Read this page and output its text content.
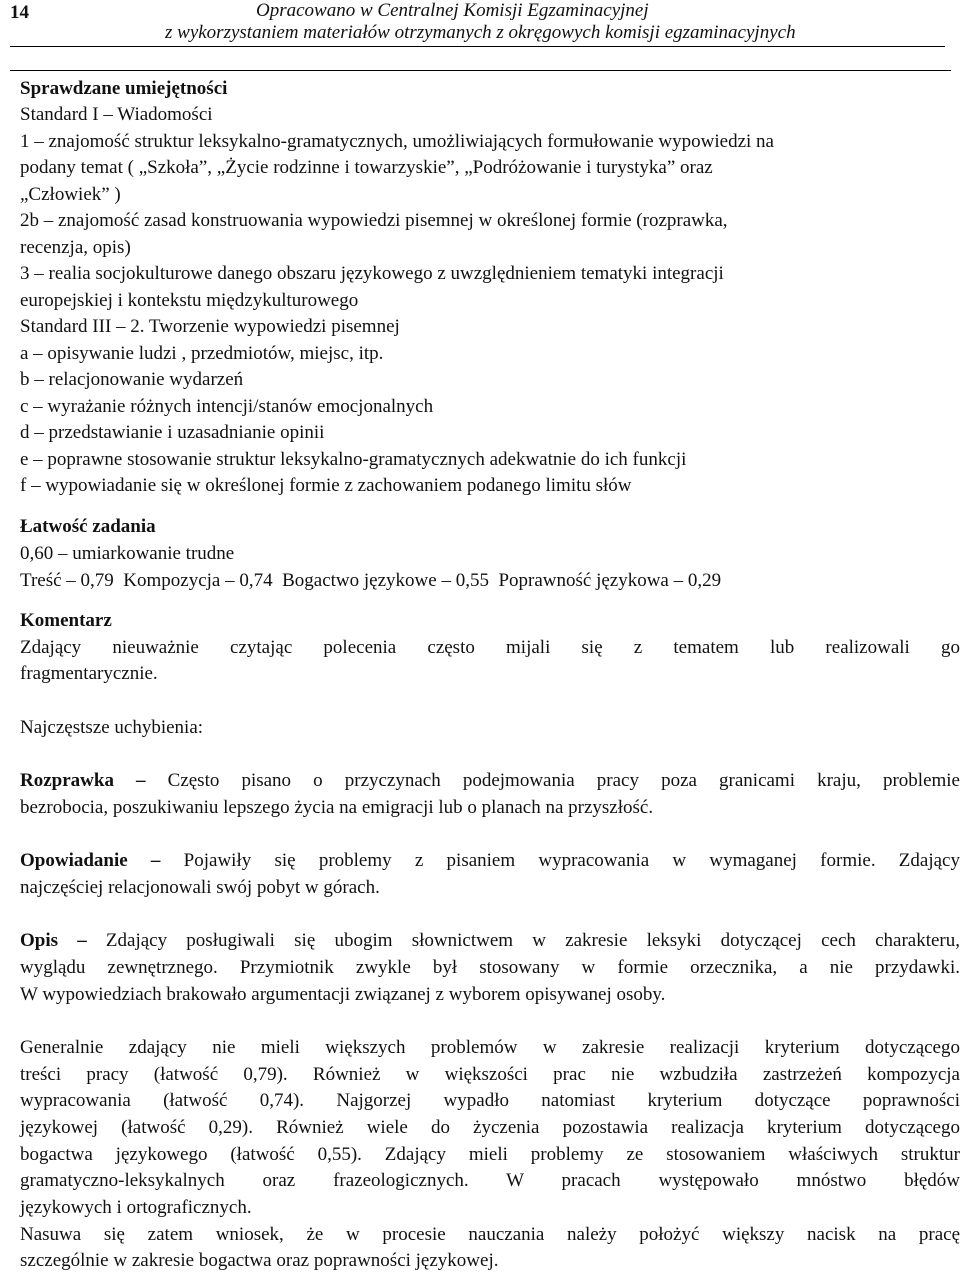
14	Opracowano w Centralnej Komisji Egzaminacyjnej
z wykorzystaniem materiałów otrzymanych z okręgowych komisji egzaminacyjnych
Sprawdzane umiejętności
Standard I – Wiadomości
1 – znajomość struktur leksykalno-gramatycznych, umożliwiających formułowanie wypowiedzi na
podany temat ( „Szkoła”, „Życie rodzinne i towarzyskie”, „Podróżowanie i turystyka” oraz
„Człowiek” )
2b – znajomość zasad konstruowania wypowiedzi pisemnej w określonej formie (rozprawka,
recenzja, opis)
3 – realia socjokulturowe danego obszaru językowego z uwzględnieniem tematyki integracji
europejskiej i kontekstu międzykulturowego
Standard III – 2. Tworzenie wypowiedzi pisemnej
a – opisywanie ludzi , przedmiotów, miejsc, itp.
b – relacjonowanie wydarzeń
c – wyrażanie różnych intencji/stanów emocjonalnych
d – przedstawianie i uzasadnianie opinii
e – poprawne stosowanie struktur leksykalno-gramatycznych adekwatnie do ich funkcji
f – wypowiadanie się w określonej formie z zachowaniem podanego limitu słów
Łatwość zadania
0,60 – umiarkowanie trudne
Treść – 0,79  Kompozycja – 0,74  Bogactwo językowe – 0,55  Poprawność językowa – 0,29
Komentarz
Zdający nieuważnie czytając polecenia często mijali się z tematem lub realizowali go
fragmentarycznie.
Najczęstsze uchybienia:
Rozprawka – Często pisano o przyczynach podejmowania pracy poza granicami kraju, problemie
bezrobocia, poszukiwaniu lepszego życia na emigracji lub o planach na przyszłość.
Opowiadanie – Pojawiły się problemy z pisaniem wypracowania w wymaganej formie. Zdający
najczęściej relacjonowali swój pobyt w górach.
Opis – Zdający posługiwali się ubogim słownictwem w zakresie leksyki dotyczącej cech charakteru,
wyglądu zewnętrznego. Przymiotnik zwykle był stosowany w formie orzecznika, a nie przydawki.
W wypowiedziach brakowało argumentacji związanej z wyborem opisywanej osoby.
Generalnie zdający nie mieli większych problemów w zakresie realizacji kryterium dotyczącego
treści pracy (łatwość 0,79). Również w większości prac nie wzbudziła zastrzeżeń kompozycja
wypracowania (łatwość 0,74). Najgorzej wypadło natomiast kryterium dotyczące poprawności
językowej (łatwość 0,29). Również wiele do życzenia pozostawia realizacja kryterium dotyczącego
bogactwa językowego (łatwość 0,55). Zdający mieli problemy ze stosowaniem właściwych struktur
gramatyczno-leksykalnych oraz frazeologicznych. W pracach występowało mnóstwo błędów
językowych i ortograficznych.
Nasuwa się zatem wniosek, że w procesie nauczania należy położyć większy nacisk na pracę
szczególnie w zakresie bogactwa oraz poprawności językowej.
